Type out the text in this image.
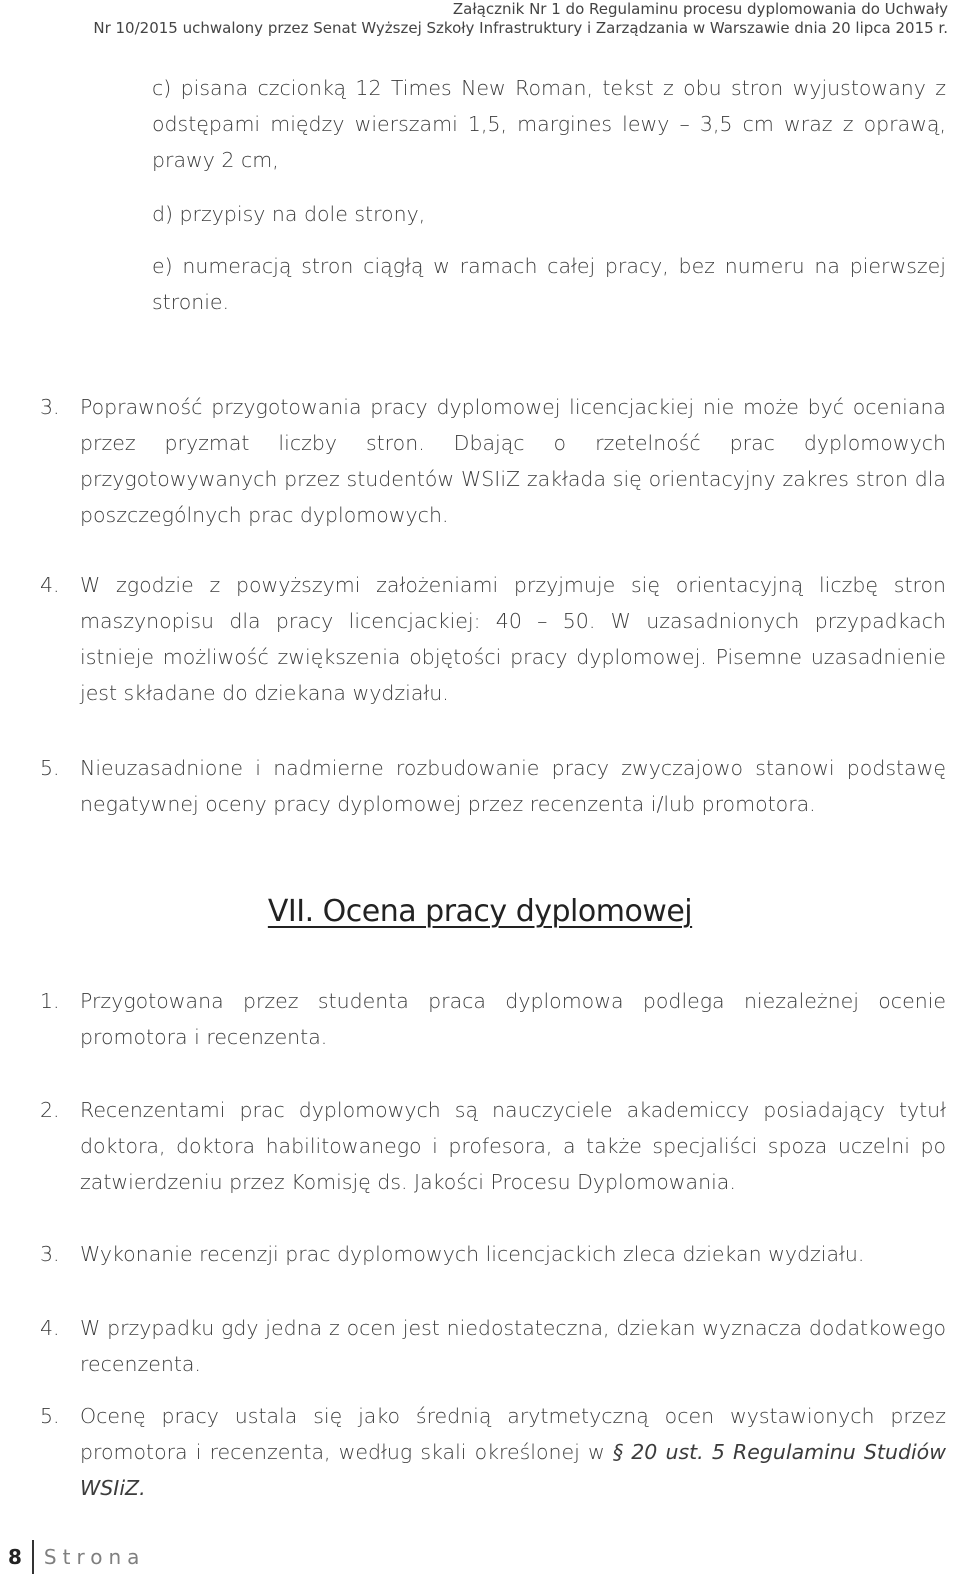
Załącznik Nr 1 do Regulaminu procesu dyplomowania do Uchwały
Nr 10/2015 uchwalony przez Senat Wyższej Szkoły Infrastruktury i Zarządzania w Warszawie dnia 20 lipca 2015 r.
c) pisana czcionką 12 Times New Roman, tekst z obu stron wyjustowany z odstępami między wierszami 1,5, margines lewy – 3,5 cm wraz z oprawą, prawy 2 cm,
d) przypisy na dole strony,
e) numeracją stron ciągłą w ramach całej pracy, bez numeru na pierwszej stronie.
3. Poprawność przygotowania pracy dyplomowej licencjackiej nie może być oceniana przez pryzmat liczby stron. Dbając o rzetelność prac dyplomowych przygotowywanych przez studentów WSIiZ zakłada się orientacyjny zakres stron dla poszczególnych prac dyplomowych.
4. W zgodzie z powyższymi założeniami przyjmuje się orientacyjną liczbę stron maszynopisu dla pracy licencjackiej: 40 – 50. W uzasadnionych przypadkach istnieje możliwość zwiększenia objętości pracy dyplomowej. Pisemne uzasadnienie jest składane do dziekana wydziału.
5. Nieuzasadnione i nadmierne rozbudowanie pracy zwyczajowo stanowi podstawę negatywnej oceny pracy dyplomowej przez recenzenta i/lub promotora.
VII. Ocena pracy dyplomowej
1. Przygotowana przez studenta praca dyplomowa podlega niezależnej ocenie promotora i recenzenta.
2. Recenzentami prac dyplomowych są nauczyciele akademiccy posiadający tytuł doktora, doktora habilitowanego i profesora, a także specjaliści spoza uczelni po zatwierdzeniu przez Komisję ds. Jakości Procesu Dyplomowania.
3. Wykonanie recenzji prac dyplomowych licencjackich zleca dziekan wydziału.
4. W przypadku gdy jedna z ocen jest niedostateczna, dziekan wyznacza dodatkowego recenzenta.
5. Ocenę pracy ustala się jako średnią arytmetyczną ocen wystawionych przez promotora i recenzenta, według skali określonej w § 20 ust. 5 Regulaminu Studiów WSIiZ.
8	Strona
